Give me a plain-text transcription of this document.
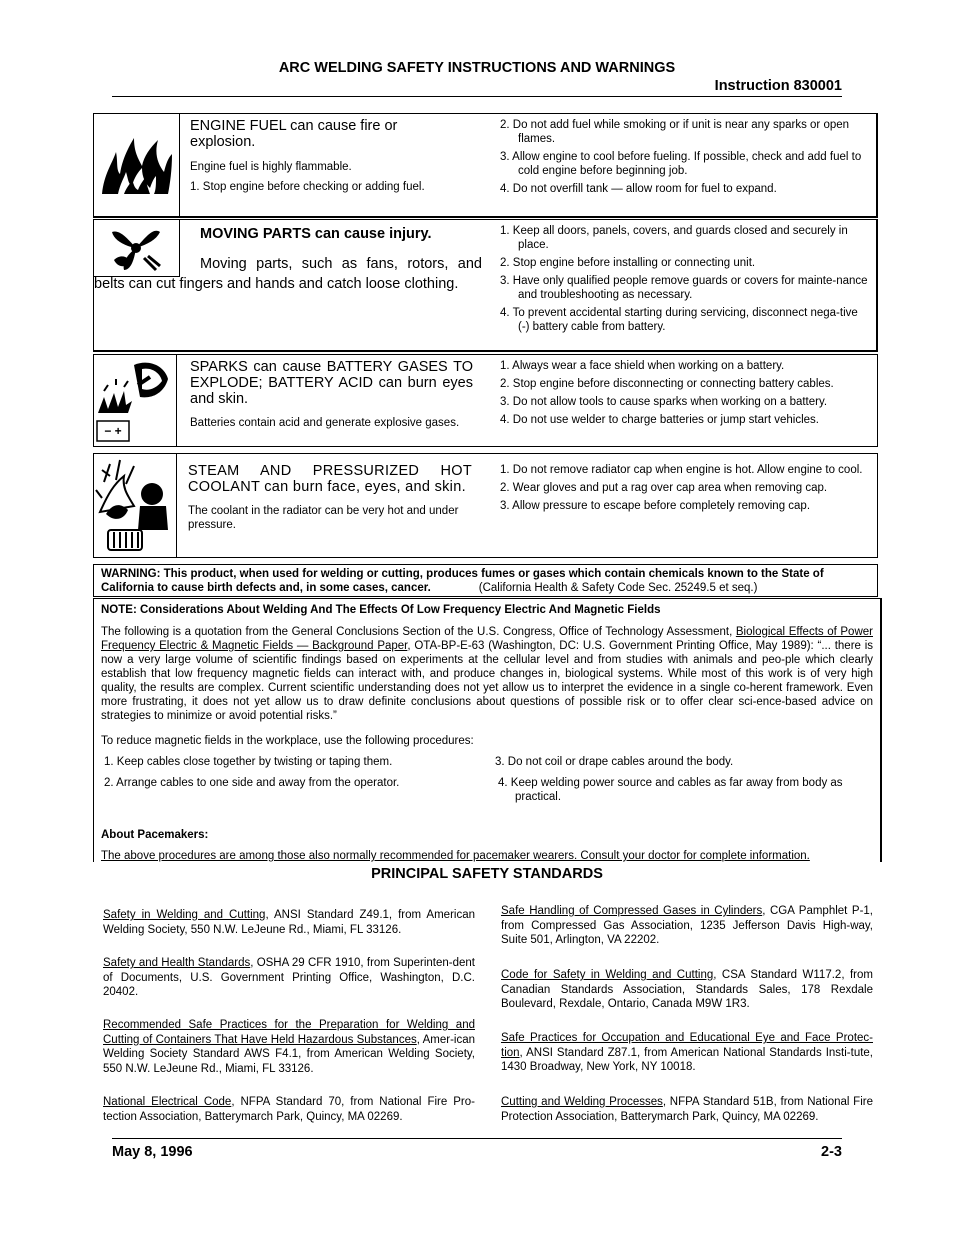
ARC WELDING SAFETY INSTRUCTIONS AND WARNINGS
Instruction 830001
ENGINE FUEL can cause fire or explosion.
Engine fuel is highly flammable.
1. Stop engine before checking or adding fuel.
2. Do not add fuel while smoking or if unit is near any sparks or open flames.
3. Allow engine to cool before fueling. If possible, check and add fuel to cold engine before beginning job.
4. Do not overfill tank — allow room for fuel to expand.
MOVING PARTS can cause injury.
Moving parts, such as fans, rotors, and belts can cut fingers and hands and catch loose clothing.
1. Keep all doors, panels, covers, and guards closed and securely in place.
2. Stop engine before installing or connecting unit.
3. Have only qualified people remove guards or covers for mainte-nance and troubleshooting as necessary.
4. To prevent accidental starting during servicing, disconnect nega-tive (-) battery cable from battery.
− +
SPARKS can cause BATTERY GASES TO EXPLODE; BATTERY ACID can burn eyes and skin.
Batteries contain acid and generate explosive gases.
1. Always wear a face shield when working on a battery.
2. Stop engine before disconnecting or connecting battery cables.
3. Do not allow tools to cause sparks when working on a battery.
4. Do not use welder to charge batteries or jump start vehicles.
STEAM AND PRESSURIZED HOT COOLANT can burn face, eyes, and skin.
The coolant in the radiator can be very hot and under pressure.
1. Do not remove radiator cap when engine is hot. Allow engine to cool.
2. Wear gloves and put a rag over cap area when removing cap.
3. Allow pressure to escape before completely removing cap.
WARNING: This product, when used for welding or cutting, produces fumes or gases which contain chemicals known to the State of California to cause birth defects and, in some cases, cancer.	(California Health & Safety Code Sec. 25249.5 et seq.)
NOTE: Considerations About Welding And The Effects Of Low Frequency Electric And Magnetic Fields
The following is a quotation from the General Conclusions Section of the U.S. Congress, Office of Technology Assessment, Biological Effects of Power Frequency Electric & Magnetic Fields — Background Paper, OTA-BP-E-63 (Washington, DC: U.S. Government Printing Office, May 1989): “... there is now a very large volume of scientific findings based on experiments at the cellular level and from studies with animals and peo-ple which clearly establish that low frequency magnetic fields can interact with, and produce changes in, biological systems. While most of this work is of very high quality, the results are complex. Current scientific understanding does not yet allow us to interpret the evidence in a single co-herent framework. Even more frustrating, it does not yet allow us to draw definite conclusions about questions of possible risk or to offer clear sci-ence-based advice on strategies to minimize or avoid potential risks.”
To reduce magnetic fields in the workplace, use the following procedures:
1. Keep cables close together by twisting or taping them.
2. Arrange cables to one side and away from the operator.
3. Do not coil or drape cables around the body.
4. Keep welding power source and cables as far away from body as practical.
About Pacemakers:
The above procedures are among those also normally recommended for pacemaker wearers. Consult your doctor for complete information.
PRINCIPAL SAFETY STANDARDS
Safety in Welding and Cutting, ANSI Standard Z49.1, from American Welding Society, 550 N.W. LeJeune Rd., Miami, FL 33126.
Safety and Health Standards, OSHA 29 CFR 1910, from Superinten-dent of Documents, U.S. Government Printing Office, Washington, D.C. 20402.
Recommended Safe Practices for the Preparation for Welding and Cutting of Containers That Have Held Hazardous Substances, Amer-ican Welding Society Standard AWS F4.1, from American Welding Society, 550 N.W. LeJeune Rd., Miami, FL 33126.
National Electrical Code, NFPA Standard 70, from National Fire Pro-tection Association, Batterymarch Park, Quincy, MA 02269.
Safe Handling of Compressed Gases in Cylinders, CGA Pamphlet P-1, from Compressed Gas Association, 1235 Jefferson Davis High-way, Suite 501, Arlington, VA 22202.
Code for Safety in Welding and Cutting, CSA Standard W117.2, from Canadian Standards Association, Standards Sales, 178 Rexdale Boulevard, Rexdale, Ontario, Canada M9W 1R3.
Safe Practices for Occupation and Educational Eye and Face Protec-tion, ANSI Standard Z87.1, from American National Standards Insti-tute, 1430 Broadway, New York, NY 10018.
Cutting and Welding Processes, NFPA Standard 51B, from National Fire Protection Association, Batterymarch Park, Quincy, MA 02269.
May 8, 1996	2-3
